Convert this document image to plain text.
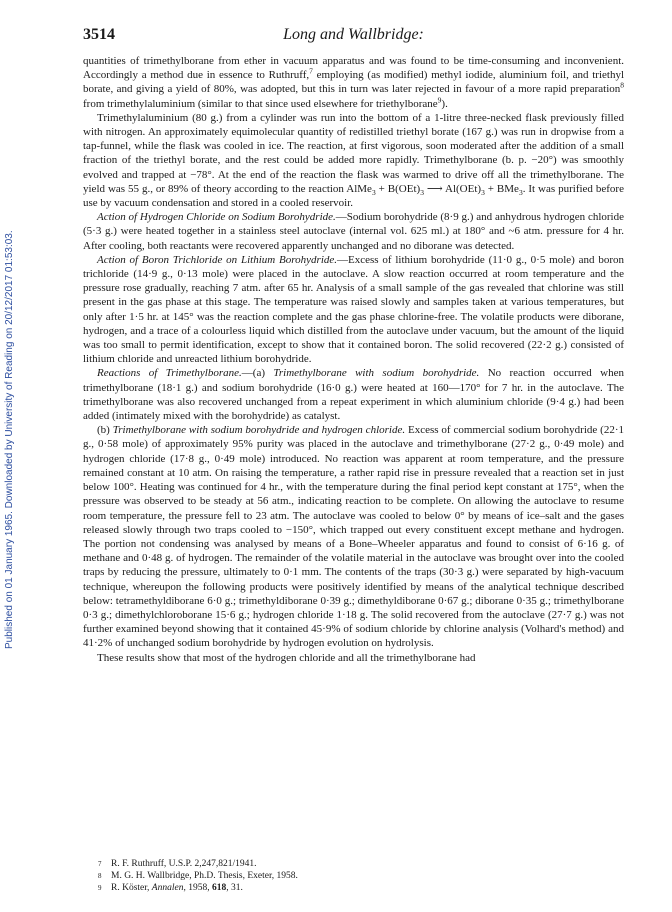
Published on 01 January 1965. Downloaded by University of Reading on 20/12/2017 01:53:03.
3514	Long and Wallbridge:

quantities of trimethylborane from ether in vacuum apparatus and was found to be time-consuming and inconvenient. Accordingly a method due in essence to Ruthruff,$^7$ employing (as modified) methyl iodide, aluminium foil, and triethyl borate, and giving a yield of 80%, was adopted, but this in turn was later rejected in favour of a more rapid preparation$^8$ from trimethylaluminium (similar to that since used elsewhere for triethylborane$^9$).

Trimethylaluminium (80 g.) from a cylinder was run into the bottom of a 1-litre three-necked flask previously filled with nitrogen. An approximately equimolecular quantity of redistilled triethyl borate (167 g.) was run in dropwise from a tap-funnel, while the flask was cooled in ice. The reaction, at first vigorous, soon moderated after the addition of a small fraction of the triethyl borate, and the rest could be added more rapidly. Trimethylborane (b. p. −20°) was smoothly evolved and trapped at −78°. At the end of the reaction the flask was warmed to drive off all the trimethylborane. The yield was 55 g., or 89% of theory according to the reaction AlMe$_3$ + $B(OEt)_3$ ⟶ $Al(OEt)_3 + BMe_3$. It was purified before use by vacuum condensation and stored in a cooled reservoir.

Action of Hydrogen Chloride on Sodium Borohydride.—Sodium borohydride (8·9 g.) and anhydrous hydrogen chloride (5·3 g.) were heated together in a stainless steel autoclave (internal vol. 625 ml.) at 180° and ~6 atm. pressure for 4 hr. After cooling, both reactants were recovered apparently unchanged and no diborane was detected.

Action of Boron Trichloride on Lithium Borohydride.—Excess of lithium borohydride (11·0 g., 0·5 mole) and boron trichloride (14·9 g., 0·13 mole) were placed in the autoclave. A slow reaction occurred at room temperature and the pressure rose gradually, reaching 7 atm. after 65 hr. Analysis of a small sample of the gas revealed that chlorine was still present in the gas phase at this stage. The temperature was raised slowly and samples taken at various temperatures, but only after 1·5 hr. at 145° was the reaction complete and the gas phase chlorine-free. The volatile products were diborane, hydrogen, and a trace of a colourless liquid which distilled from the autoclave under vacuum, but the amount of the liquid was too small to permit identification, except to show that it contained boron. The solid recovered (22·2 g.) consisted of lithium chloride and unreacted lithium borohydride.

Reactions of Trimethylborane.—(a) Trimethylborane with sodium borohydride. No reaction occurred when trimethylborane (18·1 g.) and sodium borohydride (16·0 g.) were heated at 160—170° for 7 hr. in the autoclave. The trimethylborane was also recovered unchanged from a repeat experiment in which aluminium chloride (9·4 g.) had been added (intimately mixed with the borohydride) as catalyst.

(b) Trimethylborane with sodium borohydride and hydrogen chloride. Excess of commercial sodium borohydride (22·1 g., 0·58 mole) of approximately 95% purity was placed in the autoclave and trimethylborane (27·2 g., 0·49 mole) and hydrogen chloride (17·8 g., 0·49 mole) introduced. No reaction was apparent at room temperature, and the pressure remained constant at 10 atm. On raising the temperature, a rather rapid rise in pressure revealed that a reaction set in just below 100°. Heating was continued for 4 hr., with the temperature during the final period kept constant at 175°, when the pressure was observed to be steady at 56 atm., indicating reaction to be complete. On allowing the autoclave to resume room temperature, the pressure fell to 23 atm. The autoclave was cooled to below 0° by means of ice–salt and the gases released slowly through two traps cooled to −150°, which trapped out every constituent except methane and hydrogen. The portion not condensing was analysed by means of a Bone–Wheeler apparatus and found to consist of 6·16 g. of methane and 0·48 g. of hydrogen. The remainder of the volatile material in the autoclave was brought over into the cooled traps by reducing the pressure, ultimately to 0·1 mm. The contents of the traps (30·3 g.) were separated by high-vacuum technique, whereupon the following products were positively identified by means of the analytical technique described below: tetramethyldiborane 6·0 g.; trimethyldiborane 0·39 g.; dimethyldiborane 0·67 g.; diborane 0·35 g.; trimethylborane 0·3 g.; dimethylchloroborane 15·6 g.; hydrogen chloride 1·18 g. The solid recovered from the autoclave (27·7 g.) was not further examined beyond showing that it contained 45·9% of sodium chloride by chlorine analysis (Volhard's method) and 41·2% of unchanged sodium borohydride by hydrogen evolution on hydrolysis.

These results show that most of the hydrogen chloride and all the trimethylborane had

7 R. F. Ruthruff, U.S.P. 2,247,821/1941.

8 M. G. H. Wallbridge, Ph.D. Thesis, Exeter, 1958.

9 R. Köster, Annalen, 1958, 618, 31.
